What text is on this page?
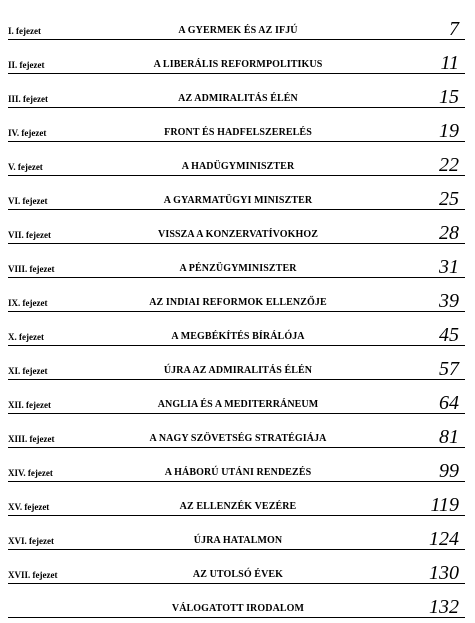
I. fejezet	A GYERMEK ÉS AZ IFJÚ	7
II. fejezet	A LIBERÁLIS REFORMPOLITIKUS	11
III. fejezet	AZ ADMIRALITÁS ÉLÉN	15
IV. fejezet	FRONT ÉS HADFELSZERELÉS	19
V. fejezet	A HADÜGYMINISZTER	22
VI. fejezet	A GYARMATÜGYI MINISZTER	25
VII. fejezet	VISSZA A KONZERVATÍVOKHOZ	28
VIII. fejezet	A PÉNZÜGYMINISZTER	31
IX. fejezet	AZ INDIAI REFORMOK ELLENZŐJE	39
X. fejezet	A MEGBÉKÍTÉS BÍRÁLÓJA	45
XI. fejezet	ÚJRA AZ ADMIRALITÁS ÉLÉN	57
XII. fejezet	ANGLIA ÉS A MEDITERRÁNEUM	64
XIII. fejezet	A NAGY SZÖVETSÉG STRATÉGIÁJA	81
XIV. fejezet	A HÁBORÚ UTÁNI RENDEZÉS	99
XV. fejezet	AZ ELLENZÉK VEZÉRE	119
XVI. fejezet	ÚJRA HATALMON	124
XVII. fejezet	AZ UTOLSÓ ÉVEK	130
VÁLOGATOTT IRODALOM	132
